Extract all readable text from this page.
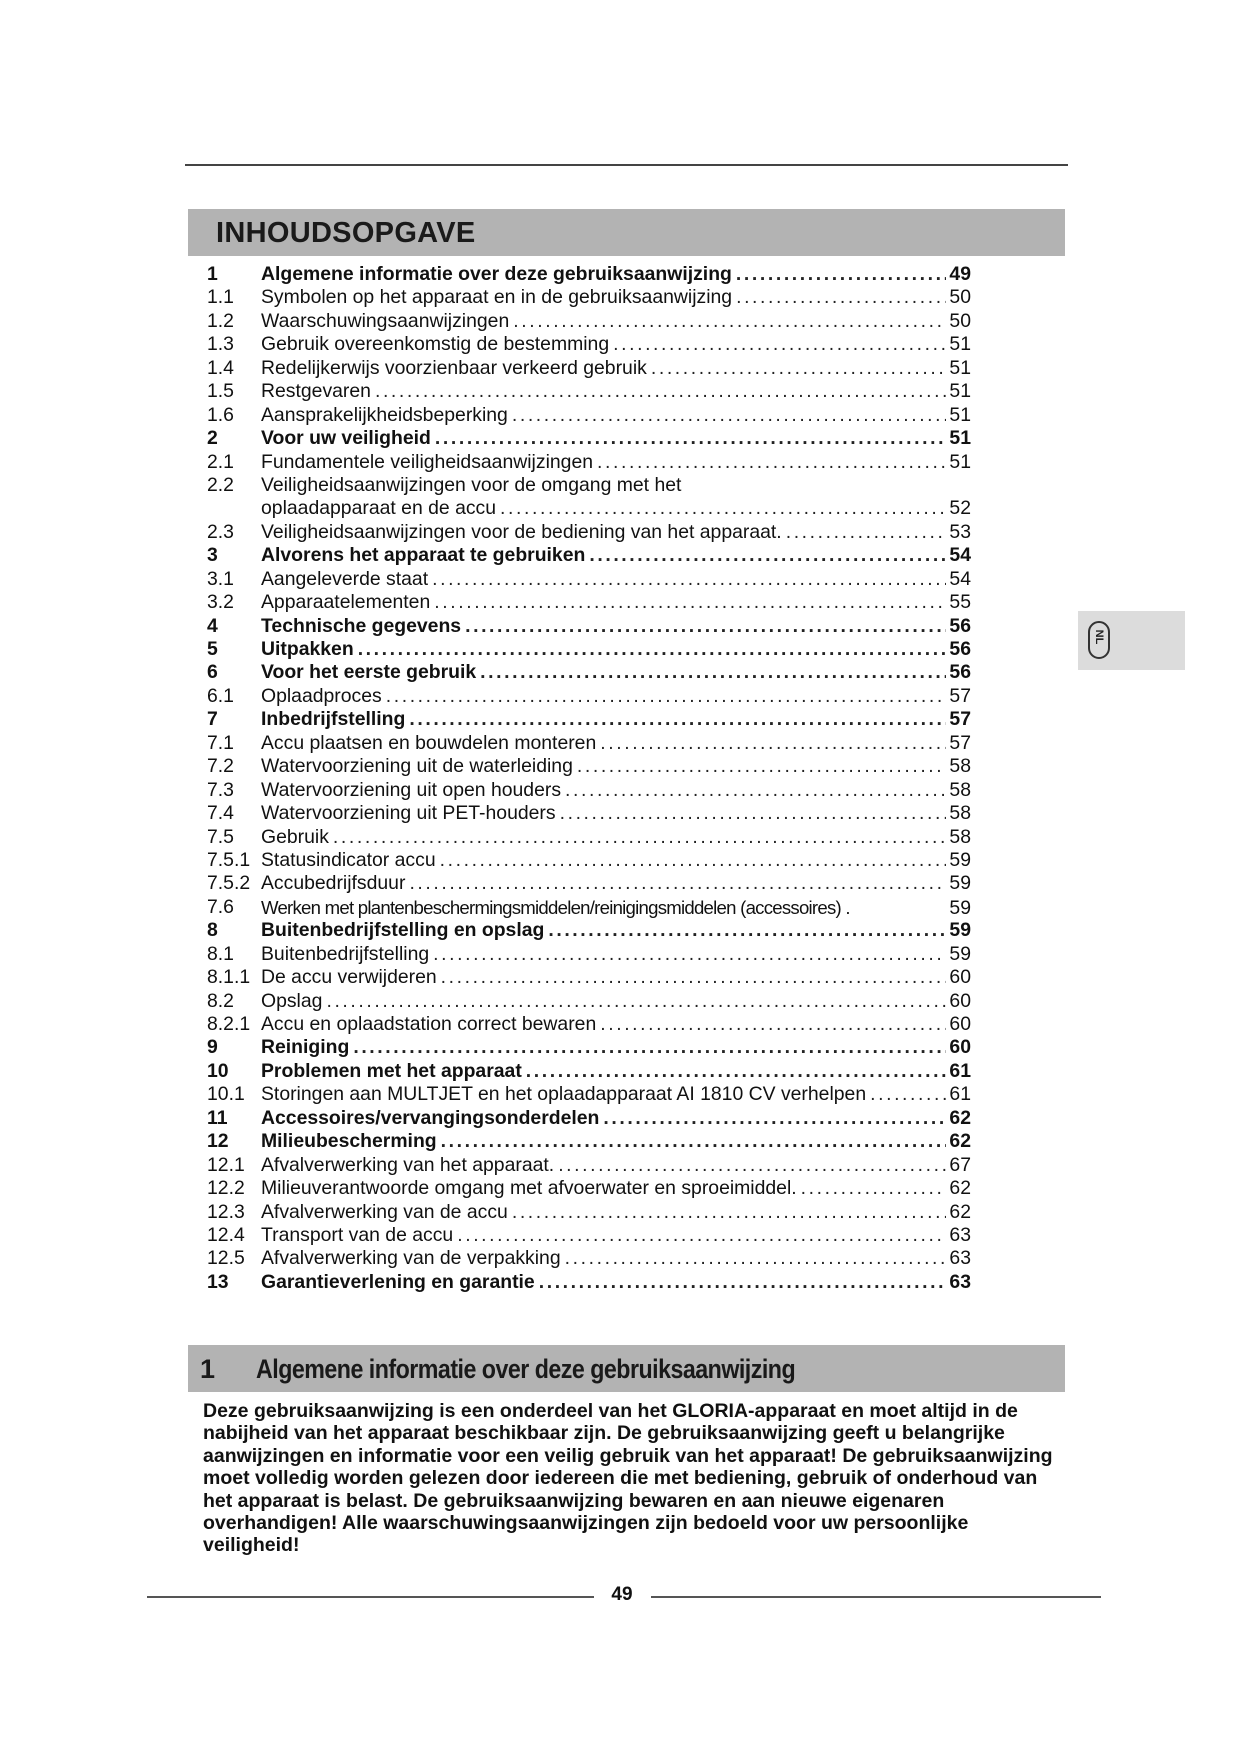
INHOUDSOPGAVE
1 Algemene informatie over deze gebruiksaanwijzing .....	49
1.1 Symbolen op het apparaat en in de gebruiksaanwijzing .....	50
1.2 Waarschuwingsaanwijzingen .....	50
1.3 Gebruik overeenkomstig de bestemming .....	51
1.4 Redelijkerwijs voorzienbaar verkeerd gebruik .....	51
1.5 Restgevaren .....	51
1.6 Aansprakelijkheidsbeperking .....	51
2 Voor uw veiligheid .....	51
2.1 Fundamentele veiligheidsaanwijzingen .....	51
2.2 Veiligheidsaanwijzingen voor de omgang met het
oplaadapparaat en de accu .....	52
2.3 Veiligheidsaanwijzingen voor de bediening van het apparaat. .....	53
3 Alvorens het apparaat te gebruiken .....	54
3.1 Aangeleverde staat .....	54
3.2 Apparaatelementen .....	55
4 Technische gegevens .....	56
5 Uitpakken .....	56
6 Voor het eerste gebruik .....	56
6.1 Oplaadproces .....	57
7 Inbedrijfstelling .....	57
7.1 Accu plaatsen en bouwdelen monteren .....	57
7.2 Watervoorziening uit de waterleiding .....	58
7.3 Watervoorziening uit open houders .....	58
7.4 Watervoorziening uit PET-houders .....	58
7.5 Gebruik .....	58
7.5.1 Statusindicator accu .....	59
7.5.2 Accubedrijfsduur .....	59
7.6 Werken met plantenbeschermingsmiddelen/reinigingsmiddelen (accessoires) .	59
8 Buitenbedrijfstelling en opslag .....	59
8.1 Buitenbedrijfstelling .....	59
8.1.1 De accu verwijderen .....	60
8.2 Opslag .....	60
8.2.1 Accu en oplaadstation correct bewaren .....	60
9 Reiniging .....	60
10 Problemen met het apparaat .....	61
10.1 Storingen aan MULTJET en het oplaadapparaat AI 1810 CV verhelpen .....	61
11 Accessoires/vervangingsonderdelen .....	62
12 Milieubescherming .....	62
12.1 Afvalverwerking van het apparaat. .....	67
12.2 Milieuverantwoorde omgang met afvoerwater en sproeimiddel. .....	62
12.3 Afvalverwerking van de accu .....	62
12.4 Transport van de accu .....	63
12.5 Afvalverwerking van de verpakking .....	63
13 Garantieverlening en garantie .....	63
NL
1 Algemene informatie over deze gebruiksaanwijzing
Deze gebruiksaanwijzing is een onderdeel van het GLORIA-apparaat en moet altijd in de nabijheid van het apparaat beschikbaar zijn. De gebruiksaanwijzing geeft u belangrijke aanwijzingen en informatie voor een veilig gebruik van het apparaat! De gebruiksaanwijzing moet volledig worden gelezen door iedereen die met bediening, gebruik of onderhoud van het apparaat is belast. De gebruiksaanwijzing bewaren en aan nieuwe eigenaren overhandigen! Alle waarschuwingsaanwijzingen zijn bedoeld voor uw persoonlijke veiligheid!
49
